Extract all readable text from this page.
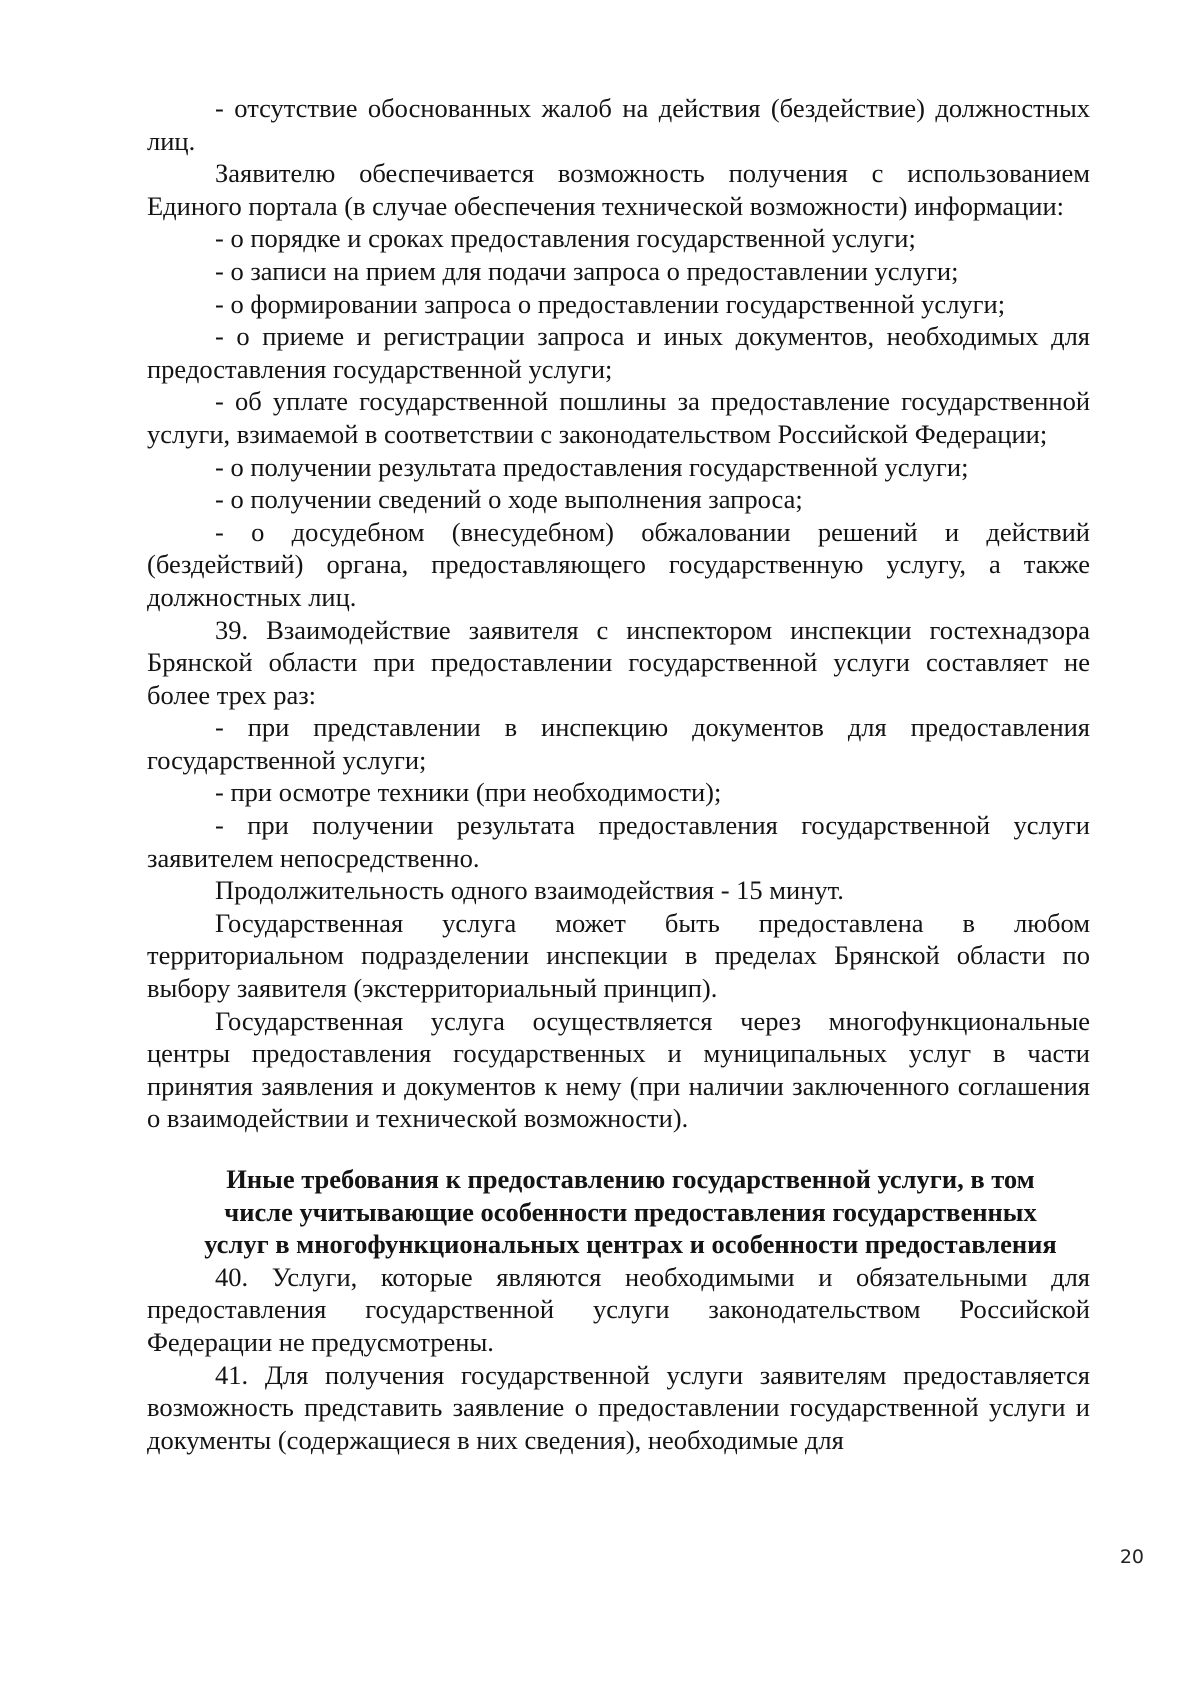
- отсутствие обоснованных жалоб на действия (бездействие) должностных лиц.

Заявителю обеспечивается возможность получения с использованием Единого портала (в случае обеспечения технической возможности) информации:

- о порядке и сроках предоставления государственной услуги;

- о записи на прием для подачи запроса о предоставлении услуги;

- о формировании запроса о предоставлении государственной услуги;

- о приеме и регистрации запроса и иных документов, необходимых для предоставления государственной услуги;

- об уплате государственной пошлины за предоставление государственной услуги, взимаемой в соответствии с законодательством Российской Федерации;

- о получении результата предоставления государственной услуги;

- о получении сведений о ходе выполнения запроса;

- о досудебном (внесудебном) обжаловании решений и действий (бездействий) органа, предоставляющего государственную услугу, а также должностных лиц.

39. Взаимодействие заявителя с инспектором инспекции гостехнадзора Брянской области при предоставлении государственной услуги составляет не более трех раз:

- при представлении в инспекцию документов для предоставления государственной услуги;

- при осмотре техники (при необходимости);

- при получении результата предоставления государственной услуги заявителем непосредственно.

Продолжительность одного взаимодействия - 15 минут.

Государственная услуга может быть предоставлена в любом территориальном подразделении инспекции в пределах Брянской области по выбору заявителя (экстерриториальный принцип).

Государственная услуга осуществляется через многофункциональные центры предоставления государственных и муниципальных услуг в части принятия заявления и документов к нему (при наличии заключенного соглашения о взаимодействии и технической возможности).

Иные требования к предоставлению государственной услуги, в том
числе учитывающие особенности предоставления государственных
услуг в многофункциональных центрах и особенности предоставления

40. Услуги, которые являются необходимыми и обязательными для предоставления государственной услуги законодательством Российской Федерации не предусмотрены.

41. Для получения государственной услуги заявителям предоставляется возможность представить заявление о предоставлении государственной услуги и документы (содержащиеся в них сведения), необходимые для

20
